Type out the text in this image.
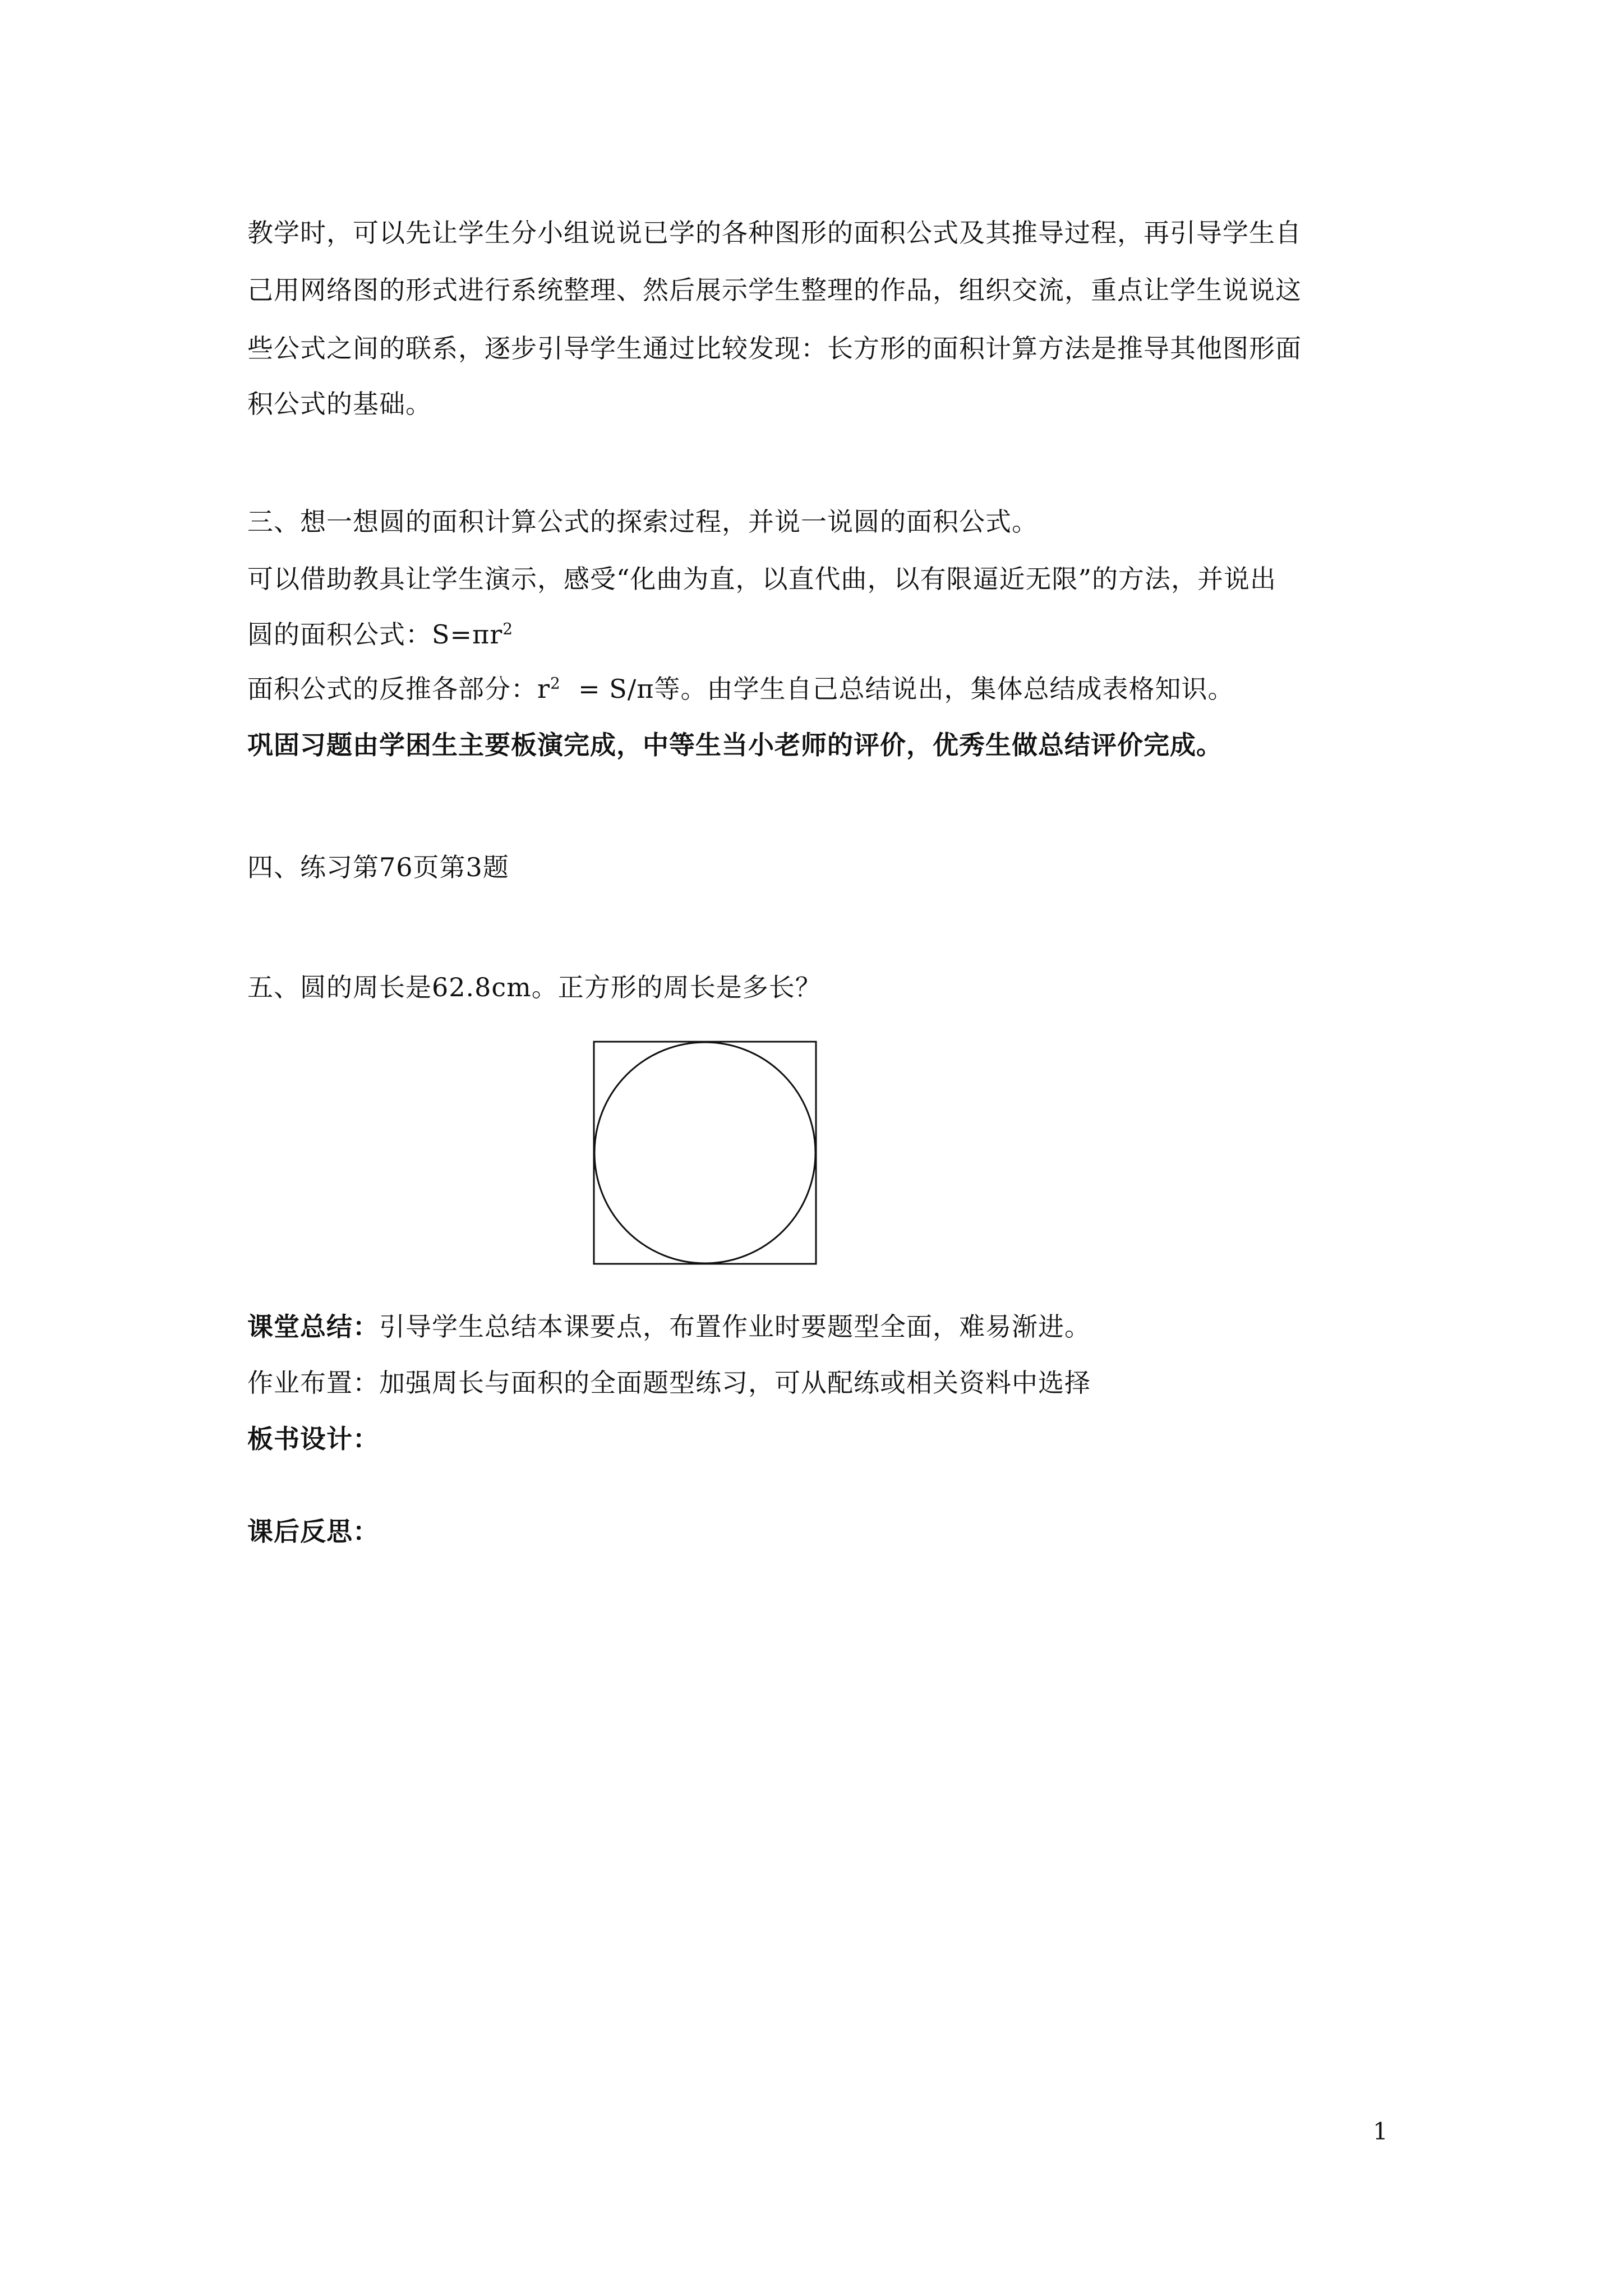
教学时，可以先让学生分小组说说已学的各种图形的面积公式及其推导过程，再引导学生自
己用网络图的形式进行系统整理、然后展示学生整理的作品，组织交流，重点让学生说说这
些公式之间的联系，逐步引导学生通过比较发现：长方形的面积计算方法是推导其他图形面
积公式的基础。
三、想一想圆的面积计算公式的探索过程，并说一说圆的面积公式。
可以借助教具让学生演示，感受“化曲为直，以直代曲，以有限逼近无限”的方法，并说出
圆的面积公式：$S=\pi r^2$
面积公式的反推各部分：$r^2 = S/\pi$等。由学生自己总结说出，集体总结成表格知识。
巩固习题由学困生主要板演完成，中等生当小老师的评价，优秀生做总结评价完成。
四、练习第76页第3题
五、圆的周长是62.8cm。正方形的周长是多长？
课堂总结：引导学生总结本课要点，布置作业时要题型全面，难易渐进。
作业布置：加强周长与面积的全面题型练习，可从配练或相关资料中选择
板书设计：
课后反思：
1
